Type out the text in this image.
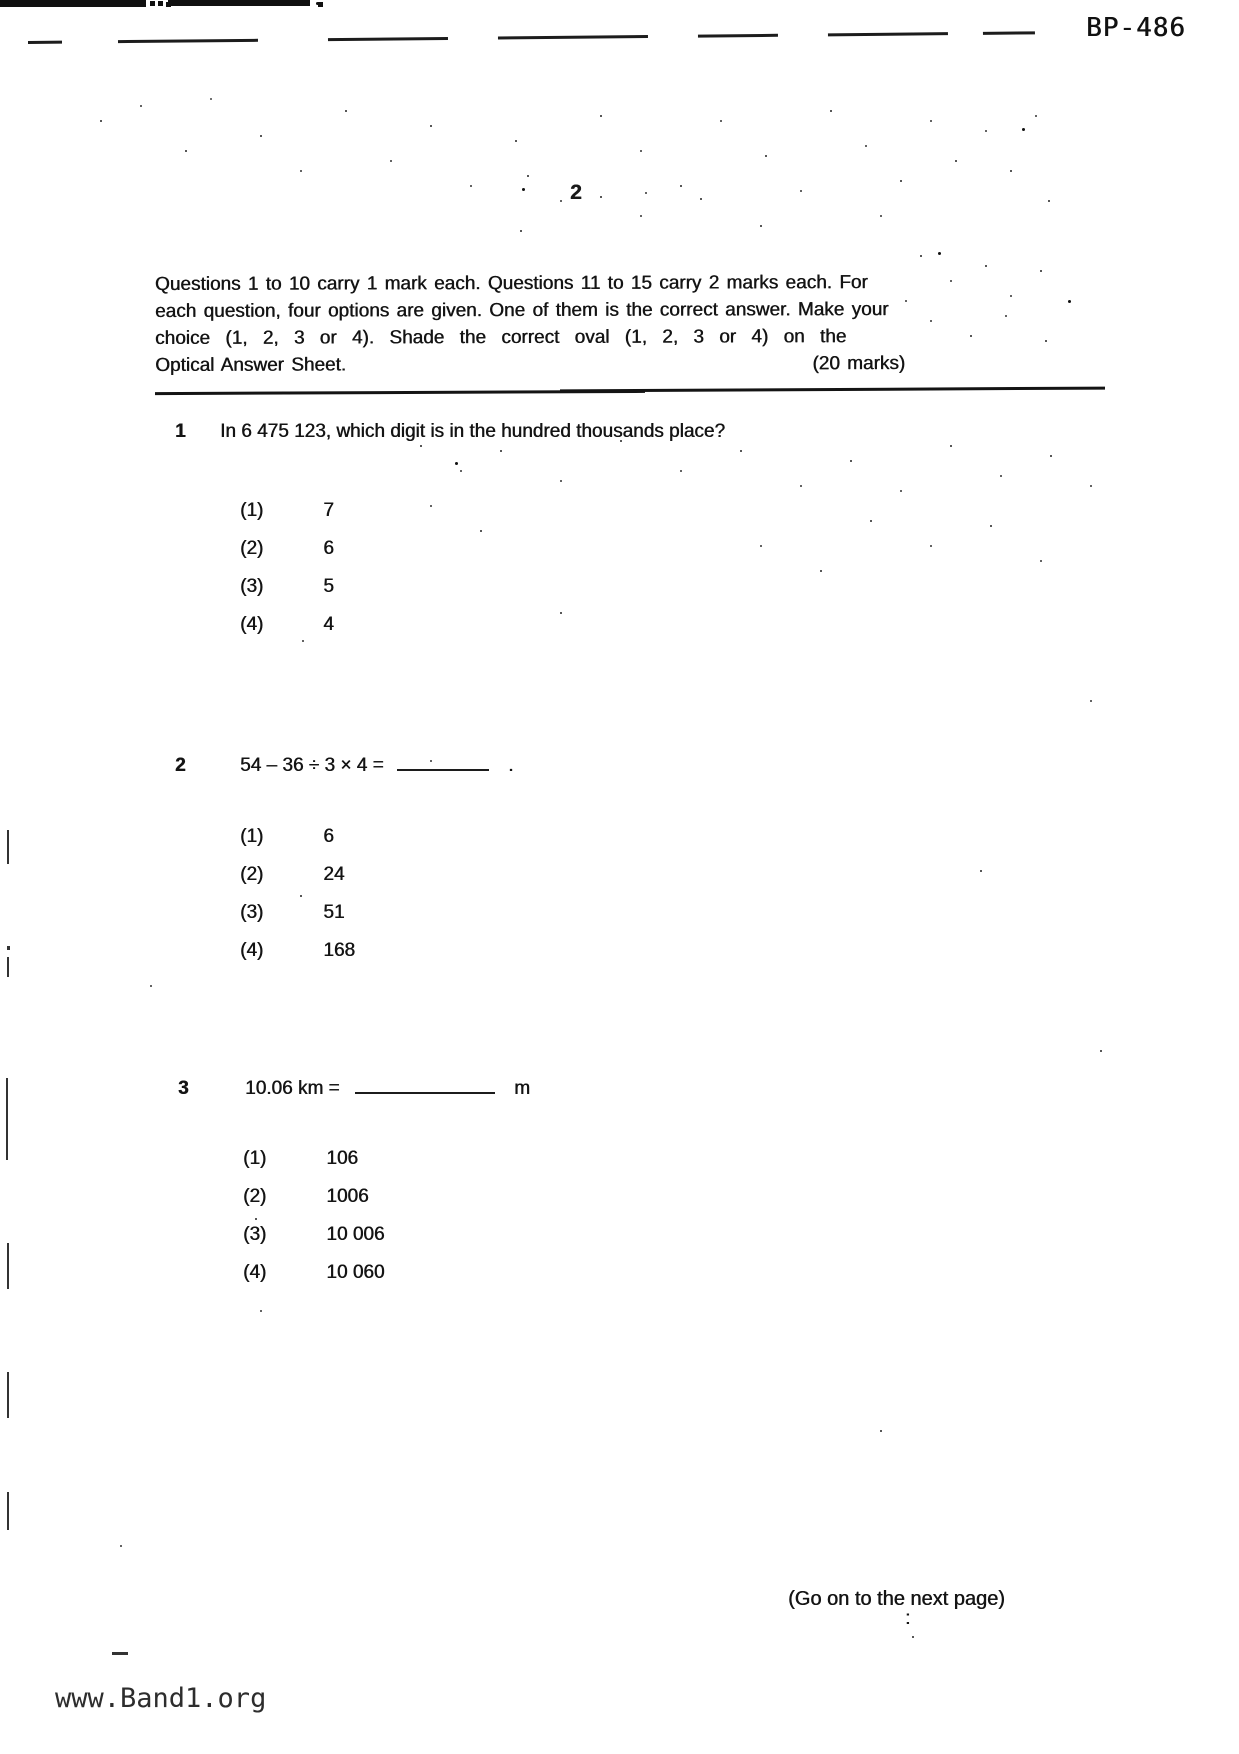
BP-486
2
Questions 1 to 10 carry 1 mark each. Questions 11 to 15 carry 2 marks each. For
each question, four options are given. One of them is the correct answer. Make your
choice (1, 2, 3 or 4). Shade the correct oval (1, 2, 3 or 4) on the
Optical Answer Sheet.	(20 marks)
1 In 6 475 123, which digit is in the hundred thousands place?
(1)	7
(2)	6
(3)	5
(4)	4
2	54 – 36 ÷ 3 × 4 =	.
(1)	6
(2)	24
(3)	51
(4)	168
3	10.06 km =	m
(1)	106
(2)	1006
(3)	10 006
(4)	10 060
(Go on to the next page)
:
www.Band1.org
